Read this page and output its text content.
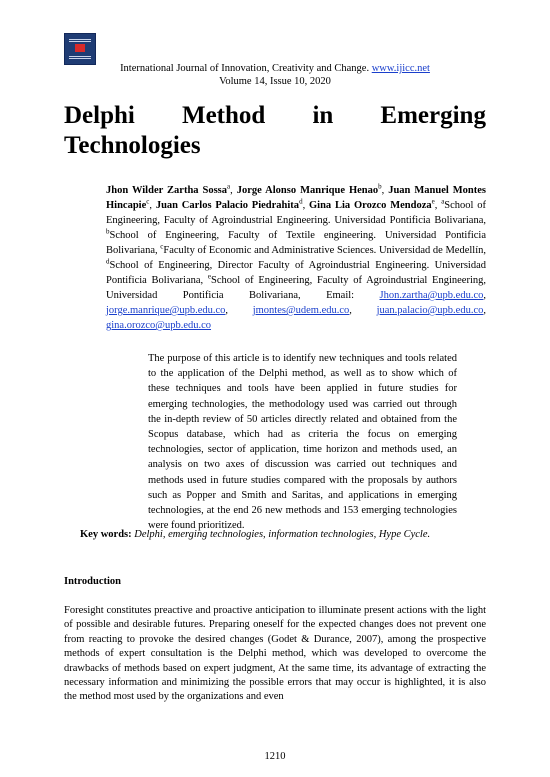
International Journal of Innovation, Creativity and Change. www.ijicc.net
Volume 14, Issue 10, 2020
Delphi Method in Emerging
Technologies
Jhon Wilder Zartha Sossa$^a$, Jorge Alonso Manrique Henao$^b$, Juan Manuel Montes Hincapie$^c$, Juan Carlos Palacio Piedrahita$^d$, Gina Lia Orozco Mendoza$^e$, $^a$School of Engineering, Faculty of Agroindustrial Engineering. Universidad Pontificia Bolivariana, $^b$School of Engineering, Faculty of Textile engineering. Universidad Pontificia Bolivariana, $^c$Faculty of Economic and Administrative Sciences. Universidad de Medellín, $^d$School of Engineering, Director Faculty of Agroindustrial Engineering. Universidad Pontificia Bolivariana, $^e$School of Engineering, Faculty of Agroindustrial Engineering, Universidad Pontificia Bolivariana, Email: Jhon.zartha@upb.edu.co, jorge.manrique@upb.edu.co, jmontes@udem.edu.co, juan.palacio@upb.edu.co, gina.orozco@upb.edu.co
The purpose of this article is to identify new techniques and tools related to the application of the Delphi method, as well as to show which of these techniques and tools have been applied in future studies for emerging technologies, the methodology used was carried out through the in-depth review of 50 articles directly related and obtained from the Scopus database, which had as criteria the focus on emerging technologies, sector of application, time horizon and methods used, an analysis on two axes of discussion was carried out techniques and methods used in future studies compared with the proposals by authors such as Popper and Smith and Saritas, and applications in emerging technologies, at the end 26 new methods and 153 emerging technologies were found prioritized.
Key words: Delphi, emerging technologies, information technologies, Hype Cycle.
Introduction
Foresight constitutes preactive and proactive anticipation to illuminate present actions with the light of possible and desirable futures. Preparing oneself for the expected changes does not prevent one from reacting to provoke the desired changes (Godet & Durance, 2007), among the prospective methods of expert consultation is the Delphi method, which was developed to overcome the drawbacks of methods based on expert judgment, At the same time, its advantage of extracting the necessary information and minimizing the possible errors that may occur is highlighted, it is also the method most used by the organizations and even
1210
